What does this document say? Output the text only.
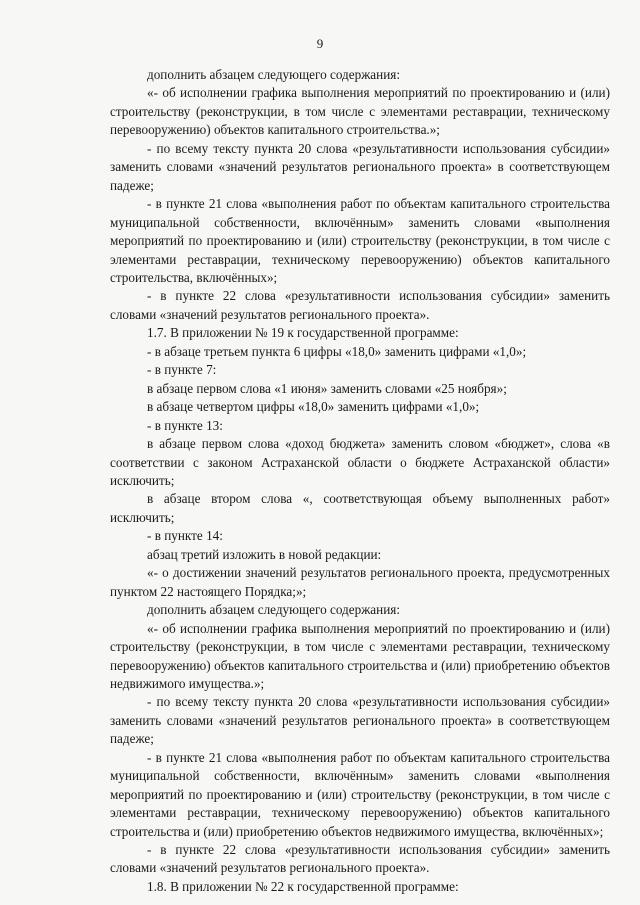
9

дополнить абзацем следующего содержания:

«- об исполнении графика выполнения мероприятий по проектированию и (или) строительству (реконструкции, в том числе с элементами реставрации, техническому перевооружению) объектов капитального строительства.»;

- по всему тексту пункта 20 слова «результативности использования субсидии» заменить словами «значений результатов регионального проекта» в соответствующем падеже;

- в пункте 21 слова «выполнения работ по объектам капитального строительства муниципальной собственности, включённым» заменить словами «выполнения мероприятий по проектированию и (или) строительству (реконструкции, в том числе с элементами реставрации, техническому перевооружению) объектов капитального строительства, включённых»;

- в пункте 22 слова «результативности использования субсидии» заменить словами «значений результатов регионального проекта».

1.7. В приложении № 19 к государственной программе:

- в абзаце третьем пункта 6 цифры «18,0» заменить цифрами «1,0»;

- в пункте 7:

в абзаце первом слова «1 июня» заменить словами «25 ноября»;

в абзаце четвертом цифры «18,0» заменить цифрами «1,0»;

- в пункте 13:

в абзаце первом слова «доход бюджета» заменить словом «бюджет», слова «в соответствии с законом Астраханской области о бюджете Астраханской области» исключить;

в абзаце втором слова «, соответствующая объему выполненных работ» исключить;

- в пункте 14:

абзац третий изложить в новой редакции:

«- о достижении значений результатов регионального проекта, предусмотренных пунктом 22 настоящего Порядка;»;

дополнить абзацем следующего содержания:

«- об исполнении графика выполнения мероприятий по проектированию и (или) строительству (реконструкции, в том числе с элементами реставрации, техническому перевооружению) объектов капитального строительства и (или) приобретению объектов недвижимого имущества.»;

- по всему тексту пункта 20 слова «результативности использования субсидии» заменить словами «значений результатов регионального проекта» в соответствующем падеже;

- в пункте 21 слова «выполнения работ по объектам капитального строительства муниципальной собственности, включённым» заменить словами «выполнения мероприятий по проектированию и (или) строительству (реконструкции, в том числе с элементами реставрации, техническому перевооружению) объектов капитального строительства и (или) приобретению объектов недвижимого имущества, включённых»;

- в пункте 22 слова «результативности использования субсидии» заменить словами «значений результатов регионального проекта».

1.8. В приложении № 22 к государственной программе:
